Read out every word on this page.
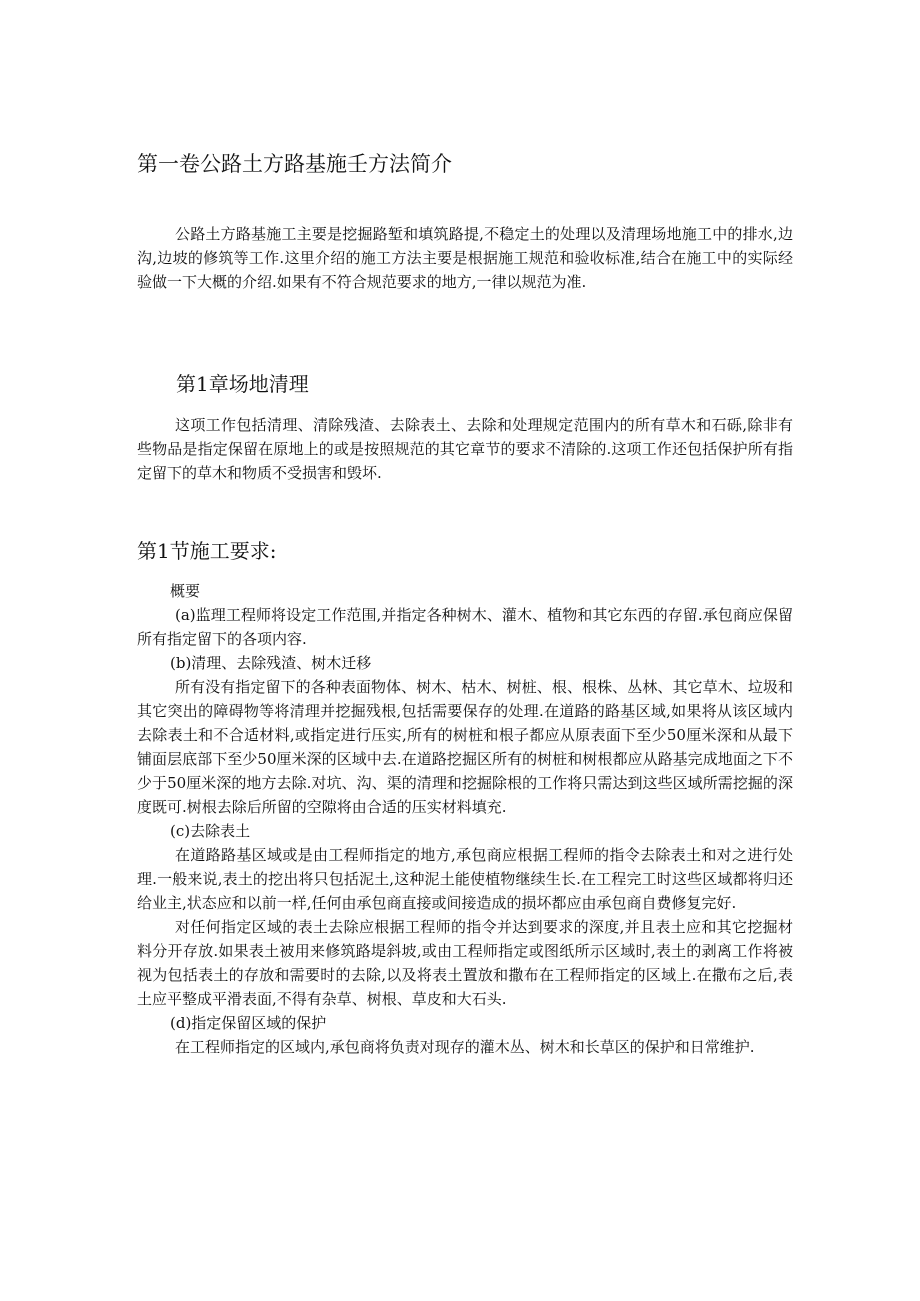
第一卷公路土方路基施壬方法简介

公路土方路基施工主要是挖掘路堑和填筑路提,不稳定土的处理以及清理场地施工中的排水,边沟,边坡的修筑等工作.这里介绍的施工方法主要是根据施工规范和验收标准,结合在施工中的实际经验做一下大概的介绍.如果有不符合规范要求的地方,一律以规范为准.

第1章场地清理

这项工作包括清理、清除残渣、去除表土、去除和处理规定范围内的所有草木和石砾,除非有些物品是指定保留在原地上的或是按照规范的其它章节的要求不清除的.这项工作还包括保护所有指定留下的草木和物质不受损害和毁坏.

第1节施工要求:

概要

(a)监理工程师将设定工作范围,并指定各种树木、灌木、植物和其它东西的存留.承包商应保留所有指定留下的各项内容.

(b)清理、去除残渣、树木迁移

所有没有指定留下的各种表面物体、树木、枯木、树桩、根、根株、丛林、其它草木、垃圾和其它突出的障碍物等将清理并挖掘残根,包括需要保存的处理.在道路的路基区域,如果将从该区域内去除表土和不合适材料,或指定进行压实,所有的树桩和根子都应从原表面下至少50厘米深和从最下铺面层底部下至少50厘米深的区域中去.在道路挖掘区所有的树桩和树根都应从路基完成地面之下不少于50厘米深的地方去除.对坑、沟、渠的清理和挖掘除根的工作将只需达到这些区域所需挖掘的深度既可.树根去除后所留的空隙将由合适的压实材料填充.

(c)去除表土

在道路路基区域或是由工程师指定的地方,承包商应根据工程师的指令去除表土和对之进行处理.一般来说,表土的挖出将只包括泥土,这种泥土能使植物继续生长.在工程完工时这些区域都将归还给业主,状态应和以前一样,任何由承包商直接或间接造成的损坏都应由承包商自费修复完好.

对任何指定区域的表土去除应根据工程师的指令并达到要求的深度,并且表土应和其它挖掘材料分开存放.如果表土被用来修筑路堤斜坡,或由工程师指定或图纸所示区域时,表土的剥离工作将被视为包括表土的存放和需要时的去除,以及将表土置放和撒布在工程师指定的区域上.在撒布之后,表土应平整成平滑表面,不得有杂草、树根、草皮和大石头.

(d)指定保留区域的保护

在工程师指定的区域内,承包商将负责对现存的灌木丛、树木和长草区的保护和日常维护.
